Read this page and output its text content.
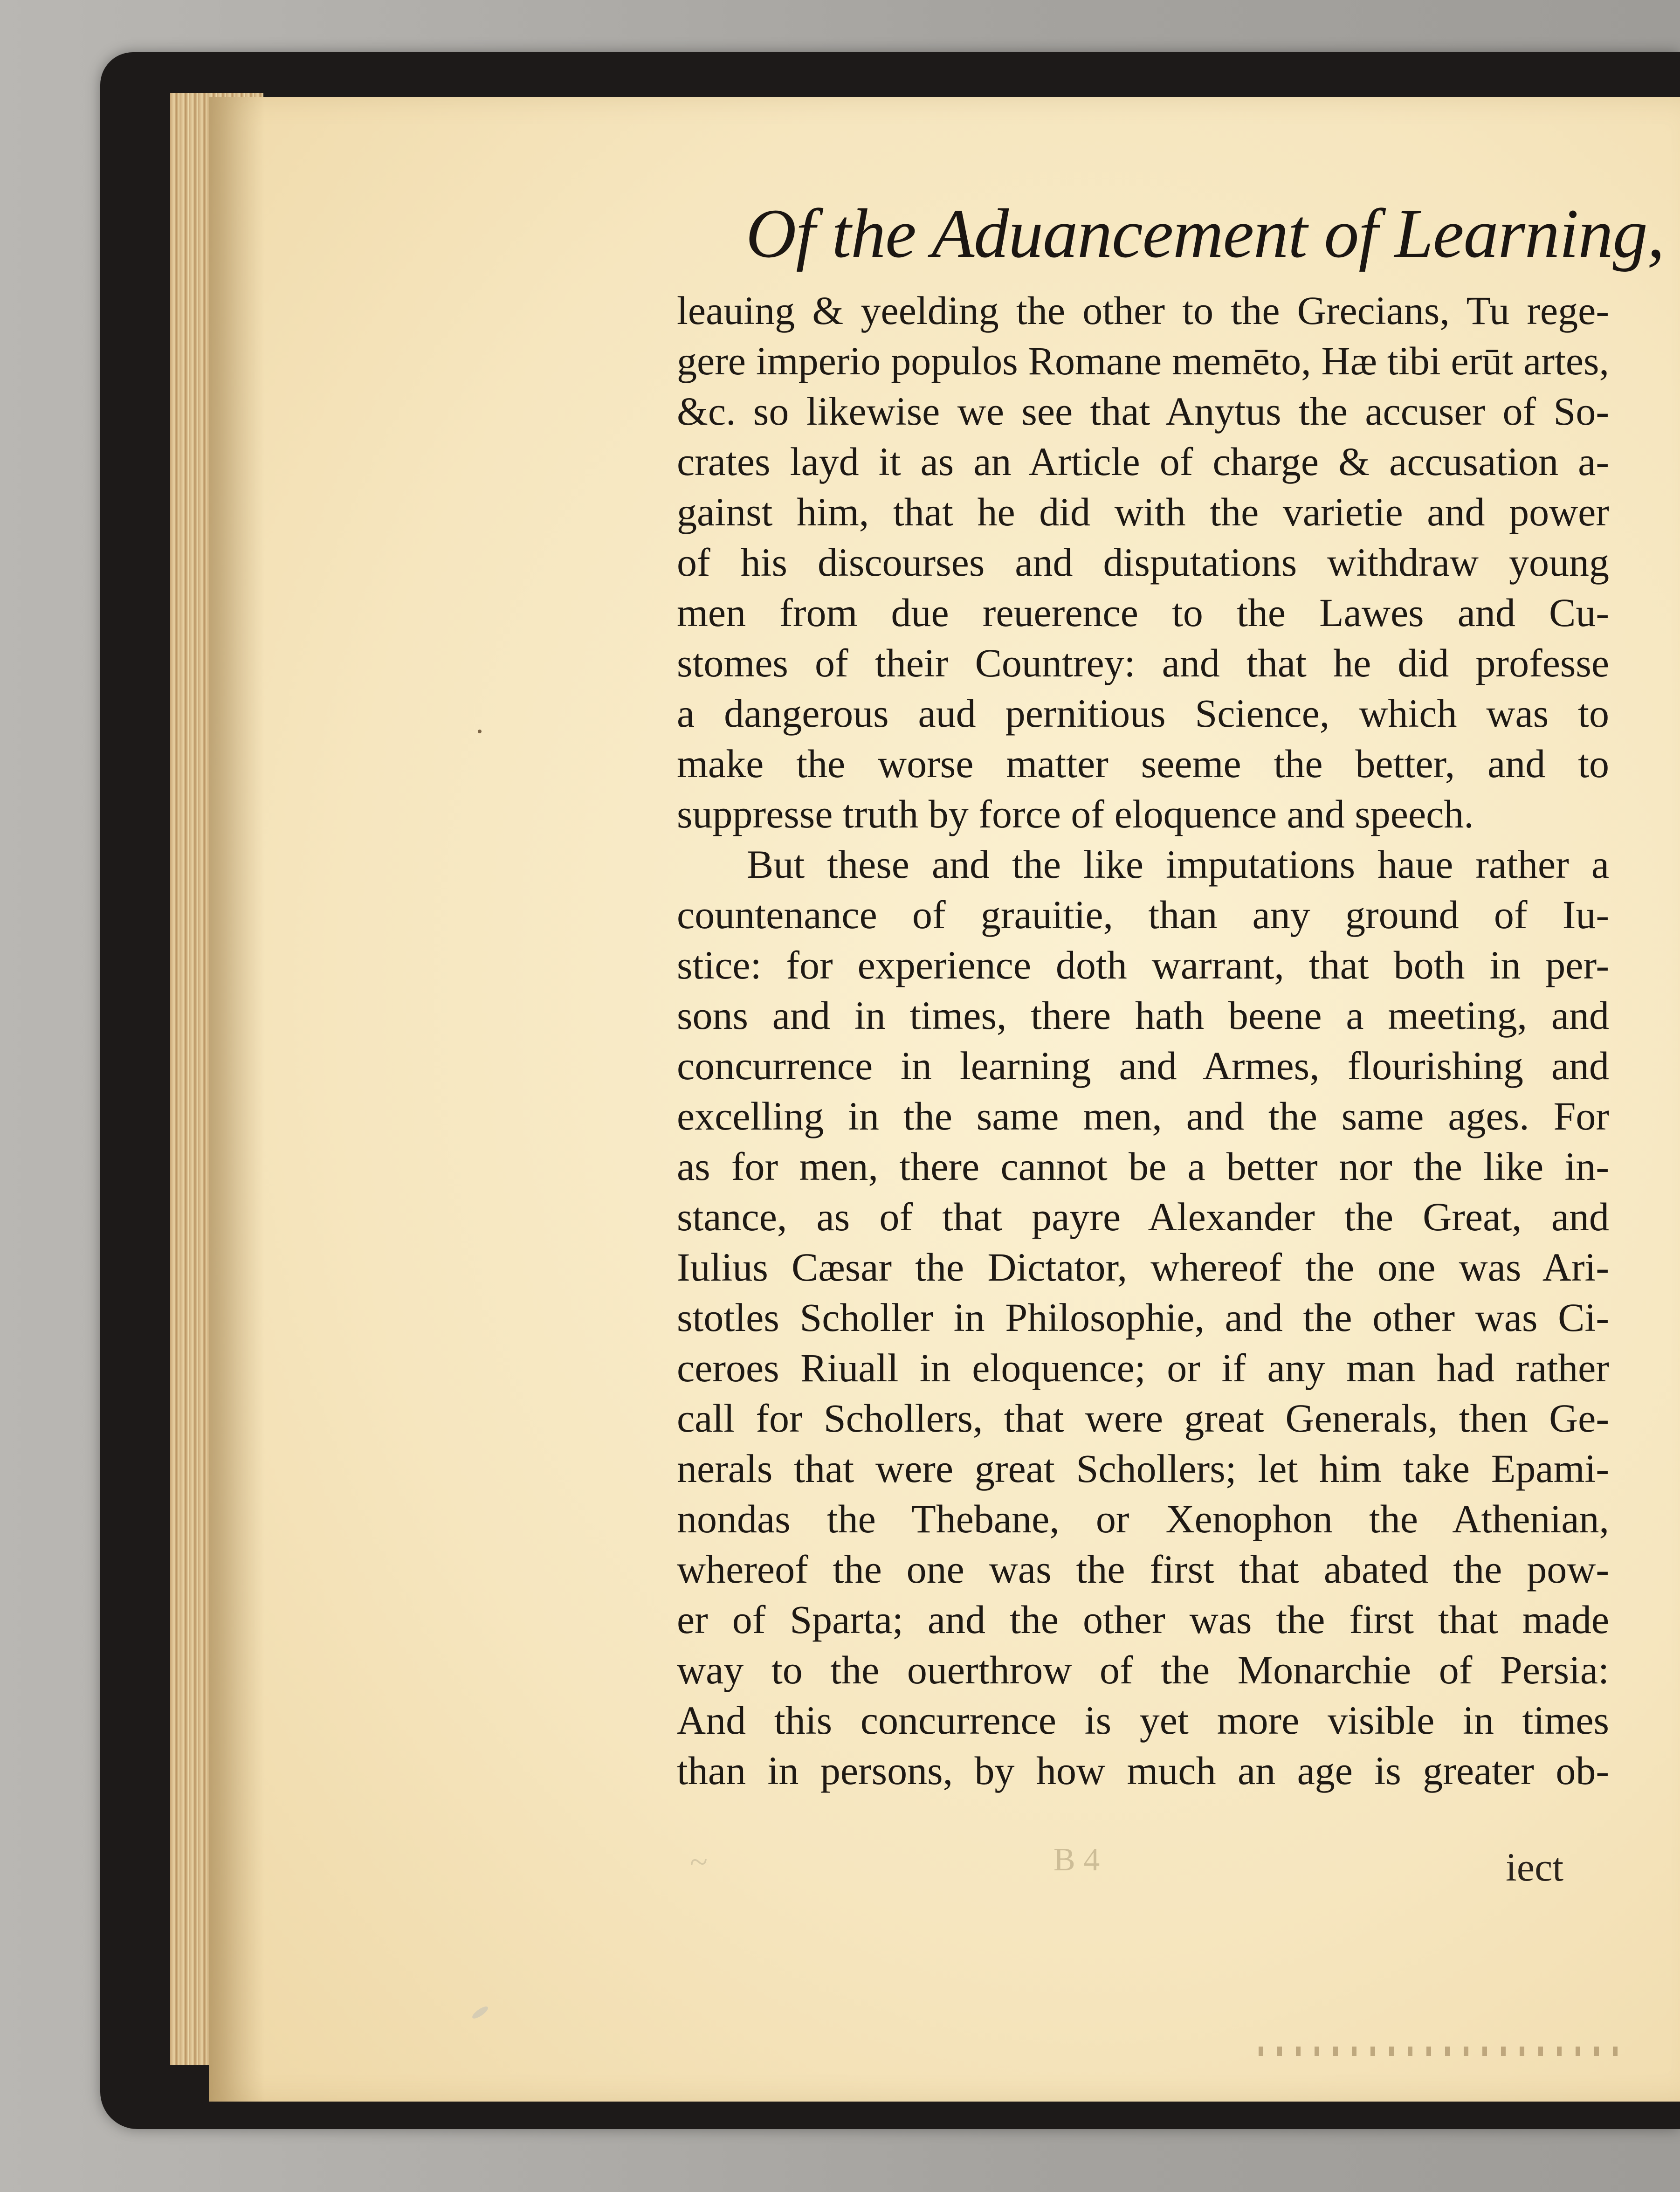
Of the Aduancement of Learning,
leauing & yeelding the other to the Grecians, Tu rege-
gere imperio populos Romane memēto, Hæ tibi erūt artes,
&c. so likewise we see that Anytus the accuser of So-
crates layd it as an Article of charge & accusation a-
gainst him, that he did with the varietie and power
of his discourses and disputations withdraw young
men from due reuerence to the Lawes and Cu-
stomes of their Countrey: and that he did professe
a dangerous aud pernitious Science, which was to
make the worse matter seeme the better, and to
suppresse truth by force of eloquence and speech.
But these and the like imputations haue rather a
countenance of grauitie, than any ground of Iu-
stice: for experience doth warrant, that both in per-
sons and in times, there hath beene a meeting, and
concurrence in learning and Armes, flourishing and
excelling in the same men, and the same ages. For
as for men, there cannot be a better nor the like in-
stance, as of that payre Alexander the Great, and
Iulius Cæsar the Dictator, whereof the one was Ari-
stotles Scholler in Philosophie, and the other was Ci-
ceroes Riuall in eloquence; or if any man had rather
call for Schollers, that were great Generals, then Ge-
nerals that were great Schollers; let him take Epami-
nondas the Thebane, or Xenophon the Athenian,
whereof the one was the first that abated the pow-
er of Sparta; and the other was the first that made
way to the ouerthrow of the Monarchie of Persia:
And this concurrence is yet more visible in times
than in persons, by how much an age is greater ob-
~	B 4	iect
